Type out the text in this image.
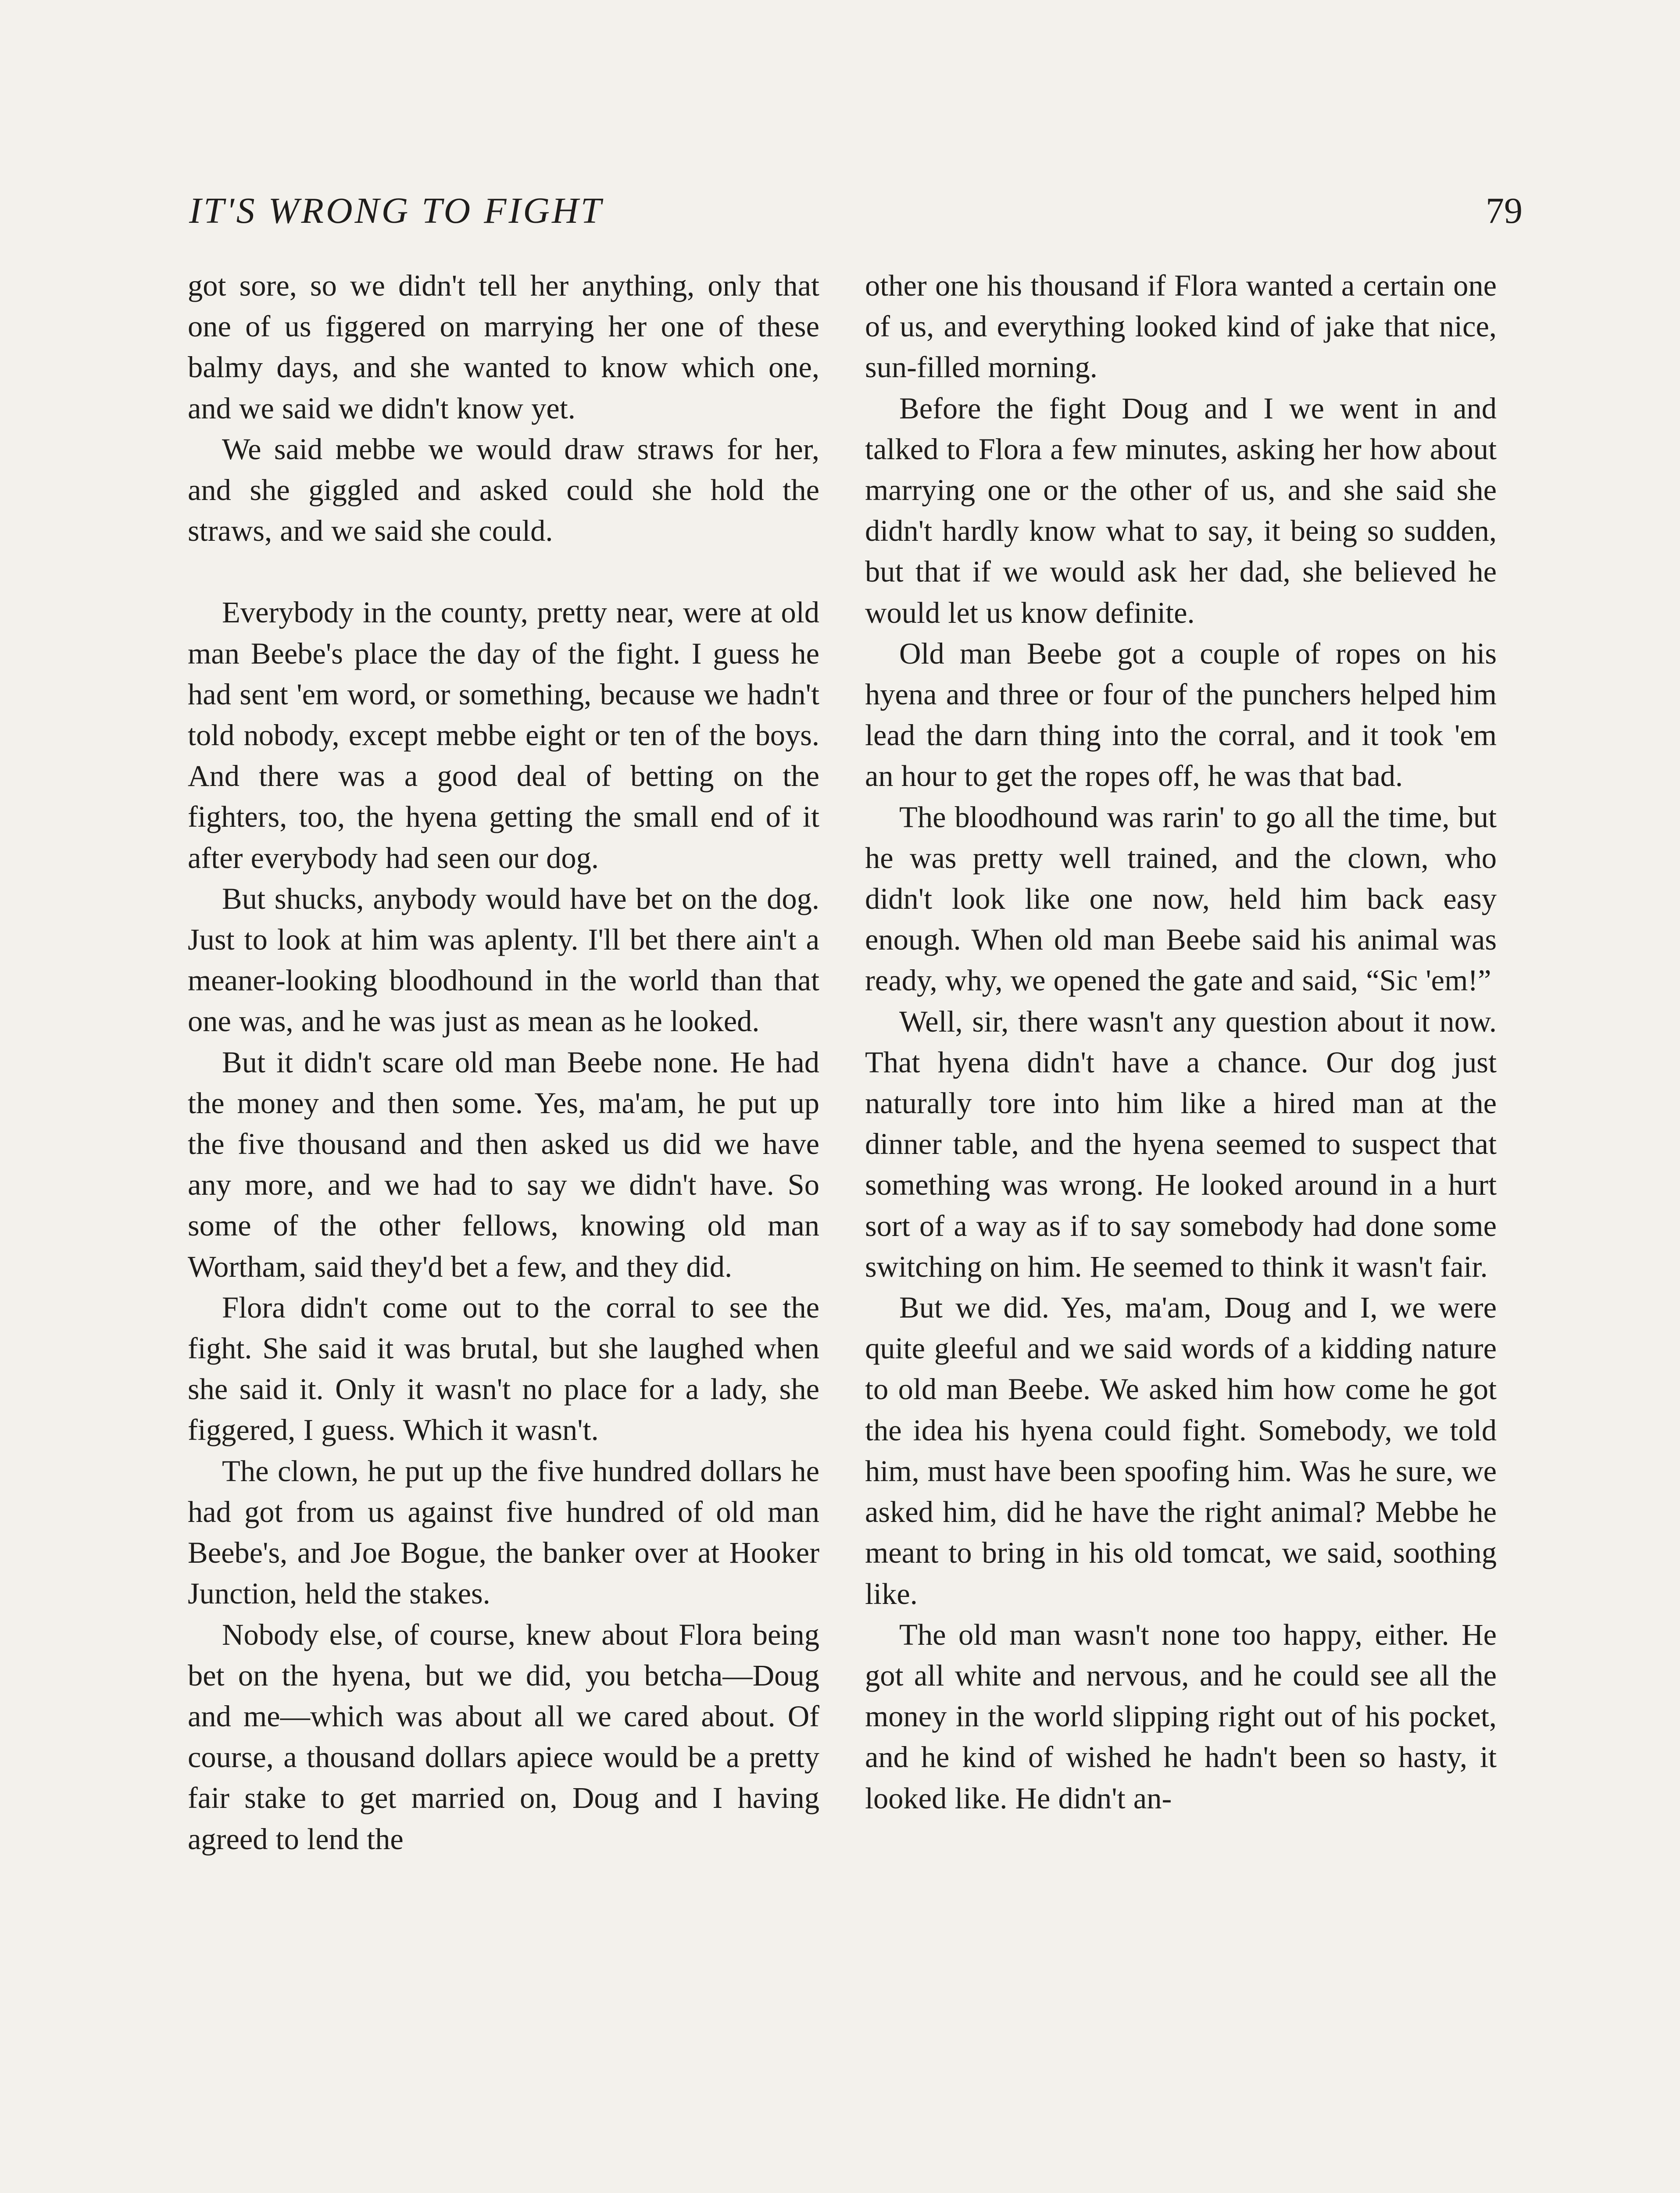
IT'S WRONG TO FIGHT	79

got sore, so we didn't tell her anything, only that one of us figgered on marrying her one of these balmy days, and she wanted to know which one, and we said we didn't know yet.

We said mebbe we would draw straws for her, and she giggled and asked could she hold the straws, and we said she could.

Everybody in the county, pretty near, were at old man Beebe's place the day of the fight. I guess he had sent 'em word, or something, because we hadn't told nobody, except mebbe eight or ten of the boys. And there was a good deal of betting on the fighters, too, the hyena getting the small end of it after everybody had seen our dog.

But shucks, anybody would have bet on the dog. Just to look at him was aplenty. I'll bet there ain't a meaner-looking bloodhound in the world than that one was, and he was just as mean as he looked.

But it didn't scare old man Beebe none. He had the money and then some. Yes, ma'am, he put up the five thousand and then asked us did we have any more, and we had to say we didn't have. So some of the other fellows, knowing old man Wortham, said they'd bet a few, and they did.

Flora didn't come out to the corral to see the fight. She said it was brutal, but she laughed when she said it. Only it wasn't no place for a lady, she figgered, I guess. Which it wasn't.

The clown, he put up the five hundred dollars he had got from us against five hundred of old man Beebe's, and Joe Bogue, the banker over at Hooker Junction, held the stakes.

Nobody else, of course, knew about Flora being bet on the hyena, but we did, you betcha—Doug and me—which was about all we cared about. Of course, a thousand dollars apiece would be a pretty fair stake to get married on, Doug and I having agreed to lend the

other one his thousand if Flora wanted a certain one of us, and everything looked kind of jake that nice, sun-filled morning.

Before the fight Doug and I we went in and talked to Flora a few minutes, asking her how about marrying one or the other of us, and she said she didn't hardly know what to say, it being so sudden, but that if we would ask her dad, she believed he would let us know definite.

Old man Beebe got a couple of ropes on his hyena and three or four of the punchers helped him lead the darn thing into the corral, and it took 'em an hour to get the ropes off, he was that bad.

The bloodhound was rarin' to go all the time, but he was pretty well trained, and the clown, who didn't look like one now, held him back easy enough. When old man Beebe said his animal was ready, why, we opened the gate and said, “Sic 'em!”

Well, sir, there wasn't any question about it now. That hyena didn't have a chance. Our dog just naturally tore into him like a hired man at the dinner table, and the hyena seemed to suspect that something was wrong. He looked around in a hurt sort of a way as if to say somebody had done some switching on him. He seemed to think it wasn't fair.

But we did. Yes, ma'am, Doug and I, we were quite gleeful and we said words of a kidding nature to old man Beebe. We asked him how come he got the idea his hyena could fight. Somebody, we told him, must have been spoofing him. Was he sure, we asked him, did he have the right animal? Mebbe he meant to bring in his old tomcat, we said, soothing like.

The old man wasn't none too happy, either. He got all white and nervous, and he could see all the money in the world slipping right out of his pocket, and he kind of wished he hadn't been so hasty, it looked like. He didn't an-
